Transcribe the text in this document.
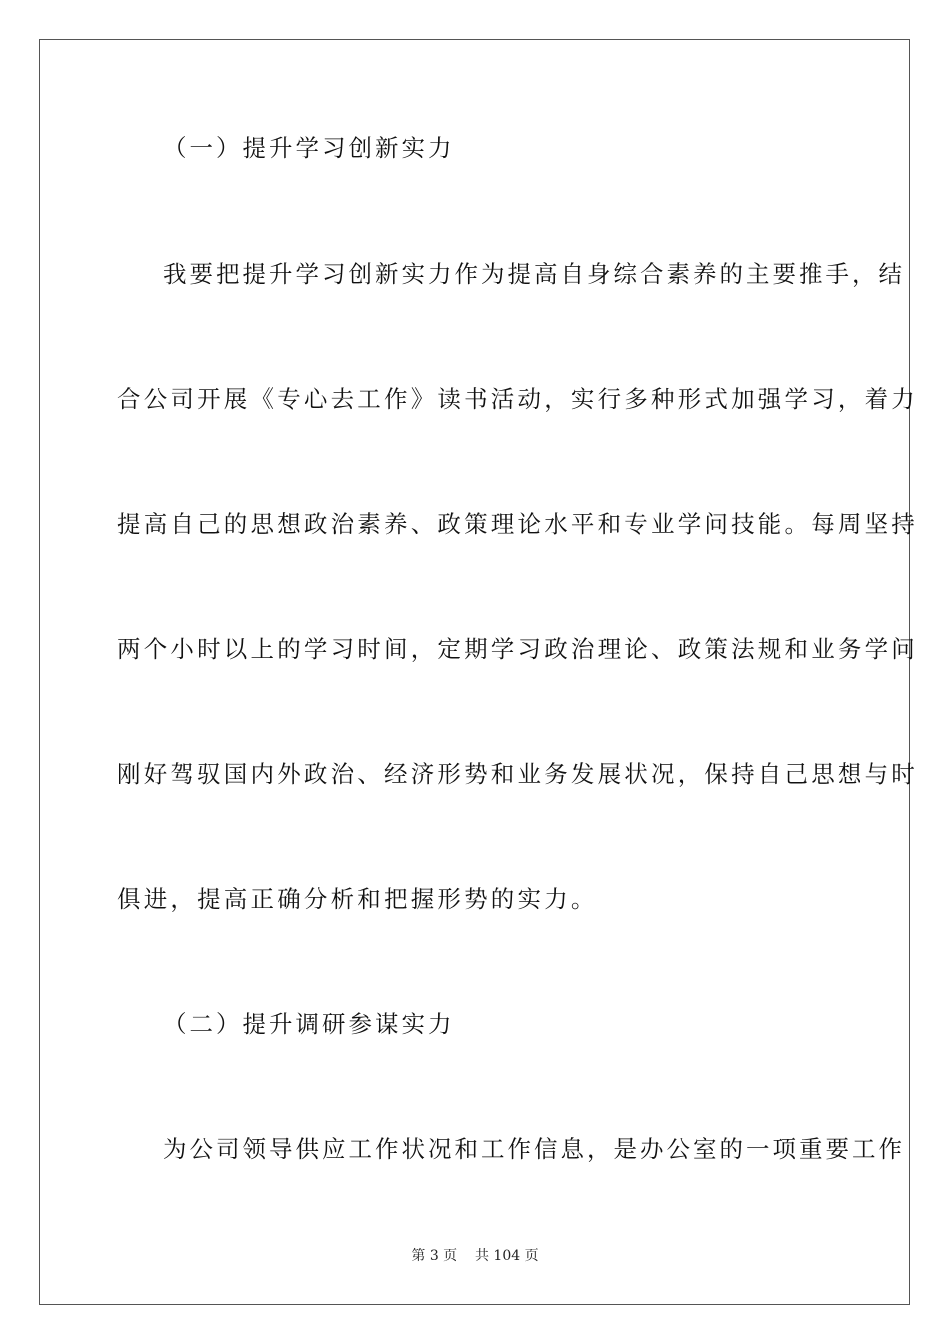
（一）提升学习创新实力
我要把提升学习创新实力作为提高自身综合素养的主要推手，结
合公司开展《专心去工作》读书活动，实行多种形式加强学习，着力
提高自己的思想政治素养、政策理论水平和专业学问技能。每周坚持
两个小时以上的学习时间，定期学习政治理论、政策法规和业务学问
刚好驾驭国内外政治、经济形势和业务发展状况，保持自己思想与时
俱进，提高正确分析和把握形势的实力。
（二）提升调研参谋实力
为公司领导供应工作状况和工作信息，是办公室的一项重要工作
第 3 页    共 104 页
